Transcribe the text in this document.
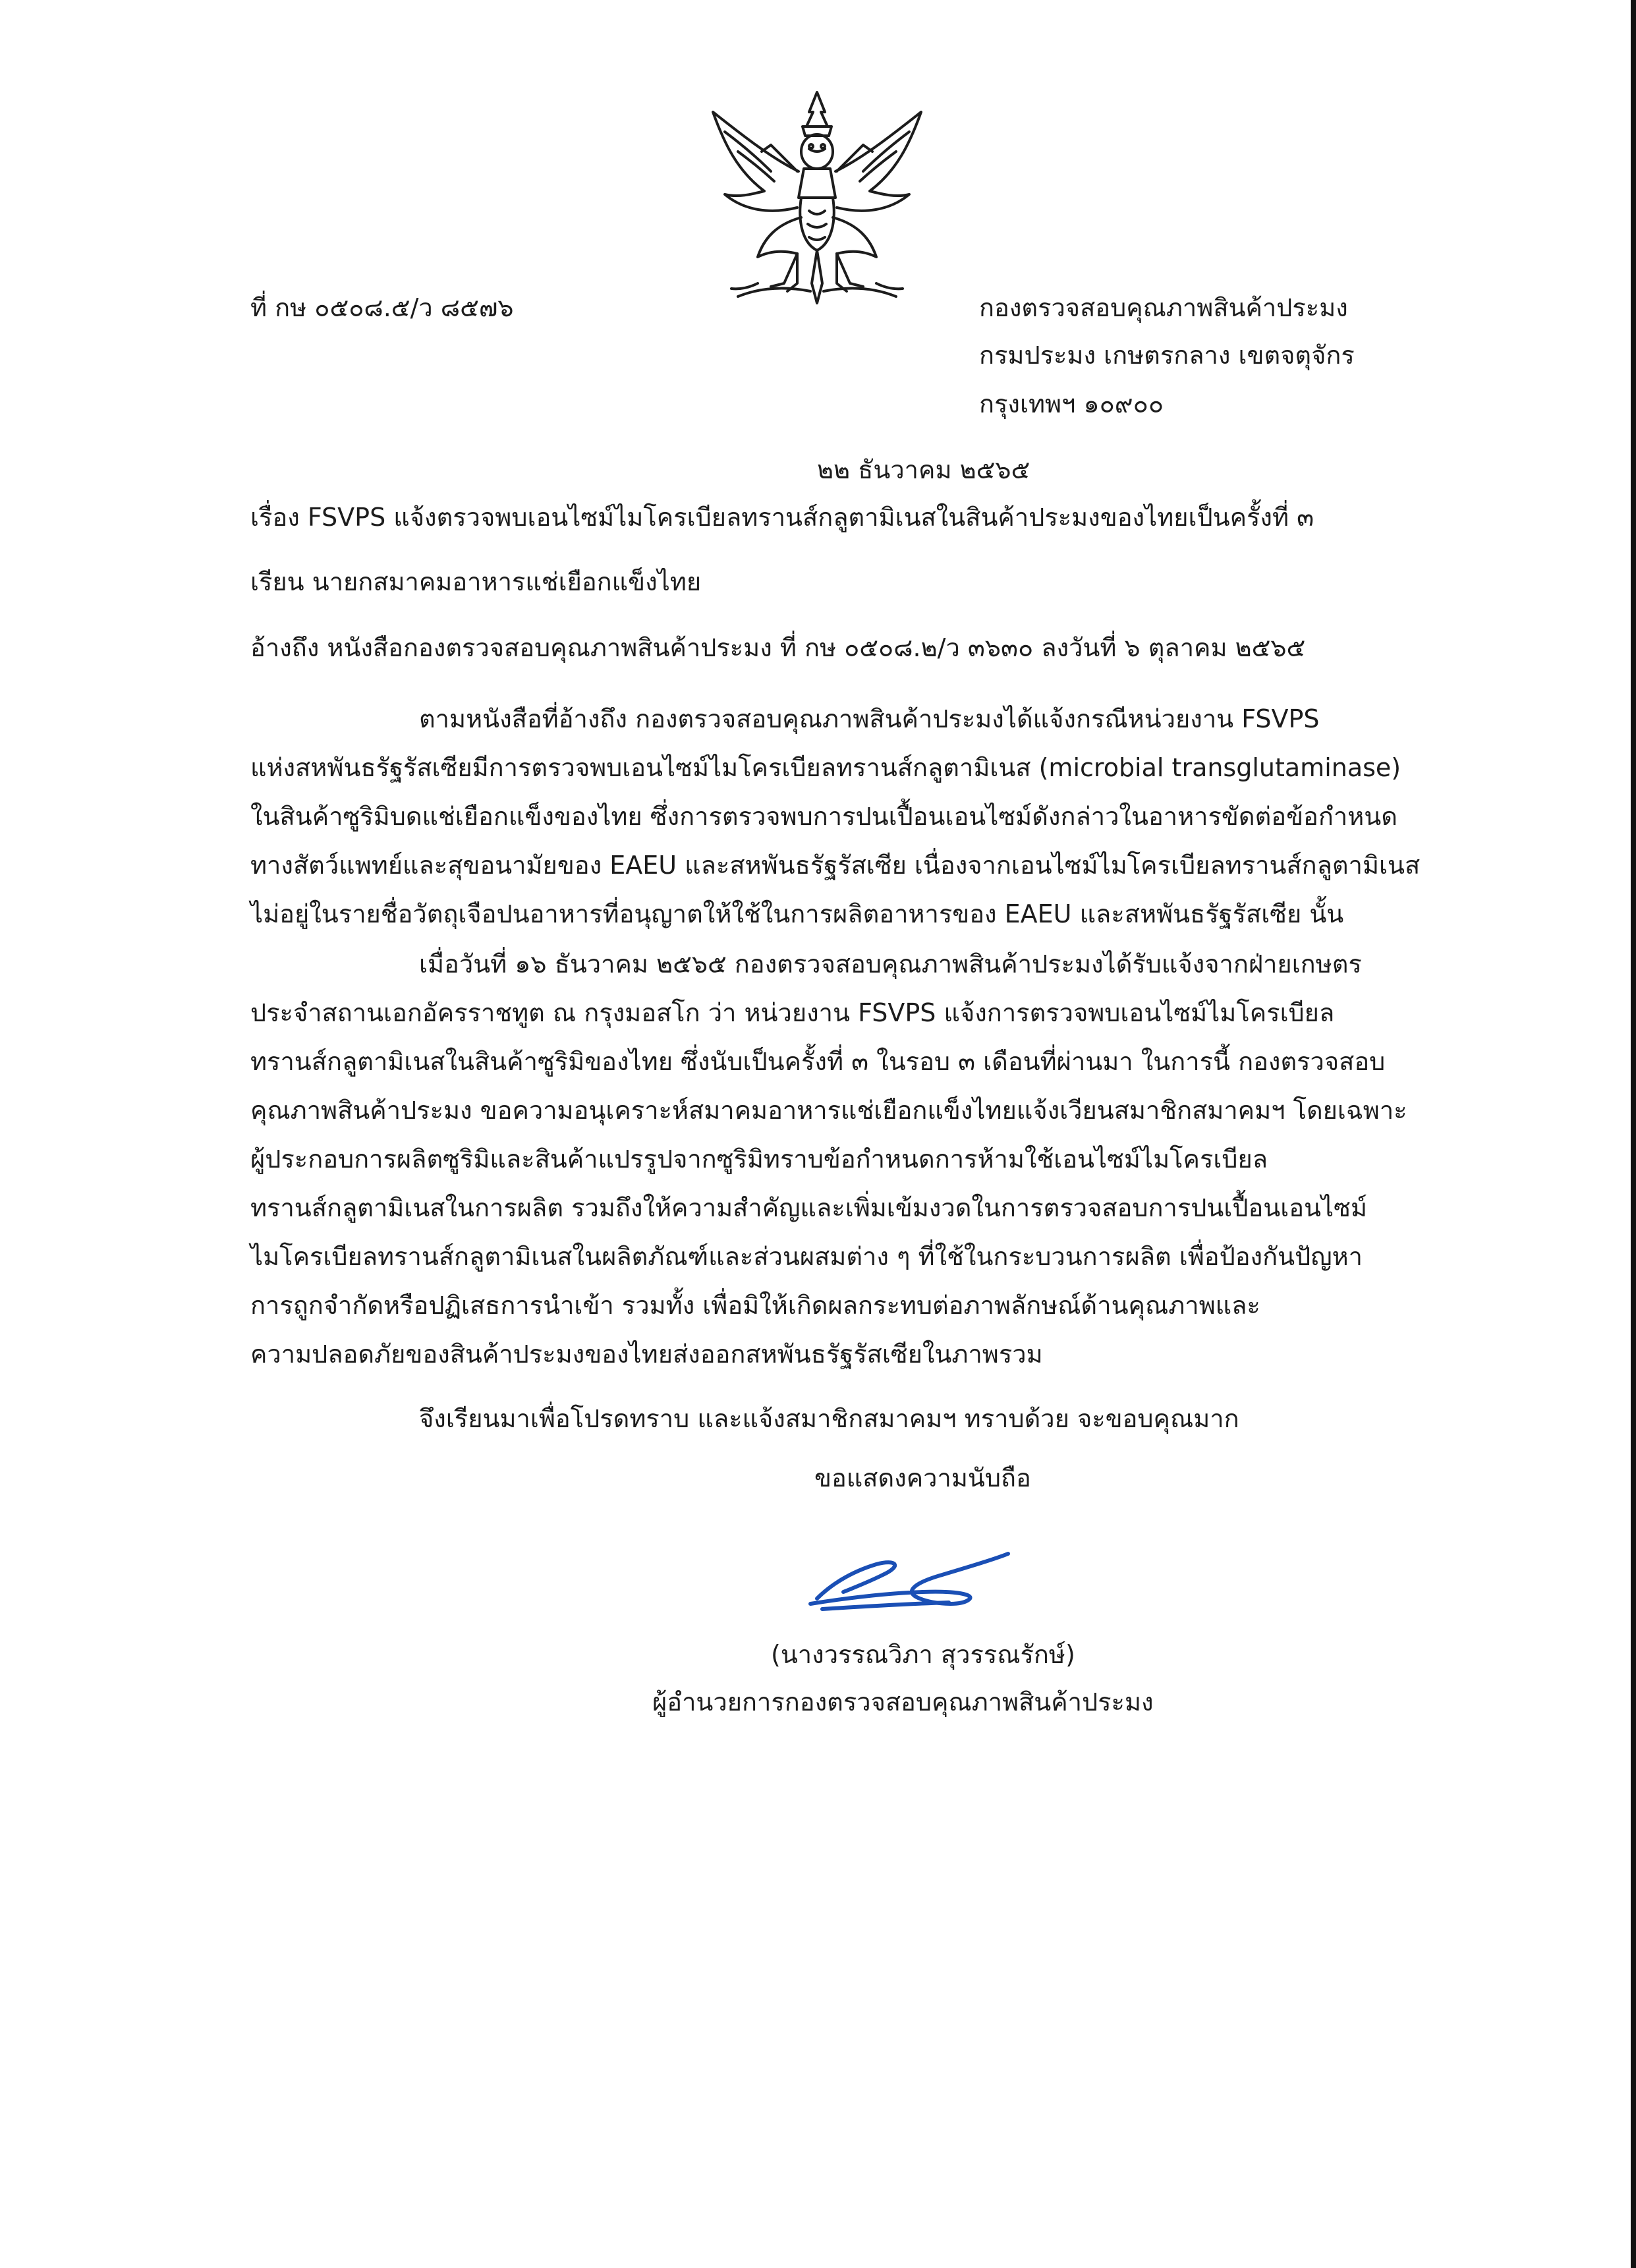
ที่ กษ ๐๕๐๘.๕/ว ๘๕๗๖	กองตรวจสอบคุณภาพสินค้าประมง
กรมประมง เกษตรกลาง เขตจตุจักร
กรุงเทพฯ ๑๐๙๐๐
๒๒ ธันวาคม ๒๕๖๕
เรื่อง FSVPS แจ้งตรวจพบเอนไซม์ไมโครเบียลทรานส์กลูตามิเนสในสินค้าประมงของไทยเป็นครั้งที่ ๓
เรียน นายกสมาคมอาหารแช่เยือกแข็งไทย
อ้างถึง หนังสือกองตรวจสอบคุณภาพสินค้าประมง ที่ กษ ๐๕๐๘.๒/ว ๓๖๓๐ ลงวันที่ ๖ ตุลาคม ๒๕๖๕
ตามหนังสือที่อ้างถึง กองตรวจสอบคุณภาพสินค้าประมงได้แจ้งกรณีหน่วยงาน FSVPS
แห่งสหพันธรัฐรัสเซียมีการตรวจพบเอนไซม์ไมโครเบียลทรานส์กลูตามิเนส (microbial transglutaminase)
ในสินค้าซูริมิบดแช่เยือกแข็งของไทย ซึ่งการตรวจพบการปนเปื้อนเอนไซม์ดังกล่าวในอาหารขัดต่อข้อกำหนด
ทางสัตว์แพทย์และสุขอนามัยของ EAEU และสหพันธรัฐรัสเซีย เนื่องจากเอนไซม์ไมโครเบียลทรานส์กลูตามิเนส
ไม่อยู่ในรายชื่อวัตถุเจือปนอาหารที่อนุญาตให้ใช้ในการผลิตอาหารของ EAEU และสหพันธรัฐรัสเซีย นั้น
เมื่อวันที่ ๑๖ ธันวาคม ๒๕๖๕ กองตรวจสอบคุณภาพสินค้าประมงได้รับแจ้งจากฝ่ายเกษตร
ประจำสถานเอกอัครราชทูต ณ กรุงมอสโก ว่า หน่วยงาน FSVPS แจ้งการตรวจพบเอนไซม์ไมโครเบียล
ทรานส์กลูตามิเนสในสินค้าซูริมิของไทย ซึ่งนับเป็นครั้งที่ ๓ ในรอบ ๓ เดือนที่ผ่านมา ในการนี้ กองตรวจสอบ
คุณภาพสินค้าประมง ขอความอนุเคราะห์สมาคมอาหารแช่เยือกแข็งไทยแจ้งเวียนสมาชิกสมาคมฯ โดยเฉพาะ
ผู้ประกอบการผลิตซูริมิและสินค้าแปรรูปจากซูริมิทราบข้อกำหนดการห้ามใช้เอนไซม์ไมโครเบียล
ทรานส์กลูตามิเนสในการผลิต รวมถึงให้ความสำคัญและเพิ่มเข้มงวดในการตรวจสอบการปนเปื้อนเอนไซม์
ไมโครเบียลทรานส์กลูตามิเนสในผลิตภัณฑ์และส่วนผสมต่าง ๆ ที่ใช้ในกระบวนการผลิต เพื่อป้องกันปัญหา
การถูกจำกัดหรือปฏิเสธการนำเข้า รวมทั้ง เพื่อมิให้เกิดผลกระทบต่อภาพลักษณ์ด้านคุณภาพและ
ความปลอดภัยของสินค้าประมงของไทยส่งออกสหพันธรัฐรัสเซียในภาพรวม
จึงเรียนมาเพื่อโปรดทราบ และแจ้งสมาชิกสมาคมฯ ทราบด้วย จะขอบคุณมาก
ขอแสดงความนับถือ
(นางวรรณวิภา สุวรรณรักษ์)
ผู้อำนวยการกองตรวจสอบคุณภาพสินค้าประมง
